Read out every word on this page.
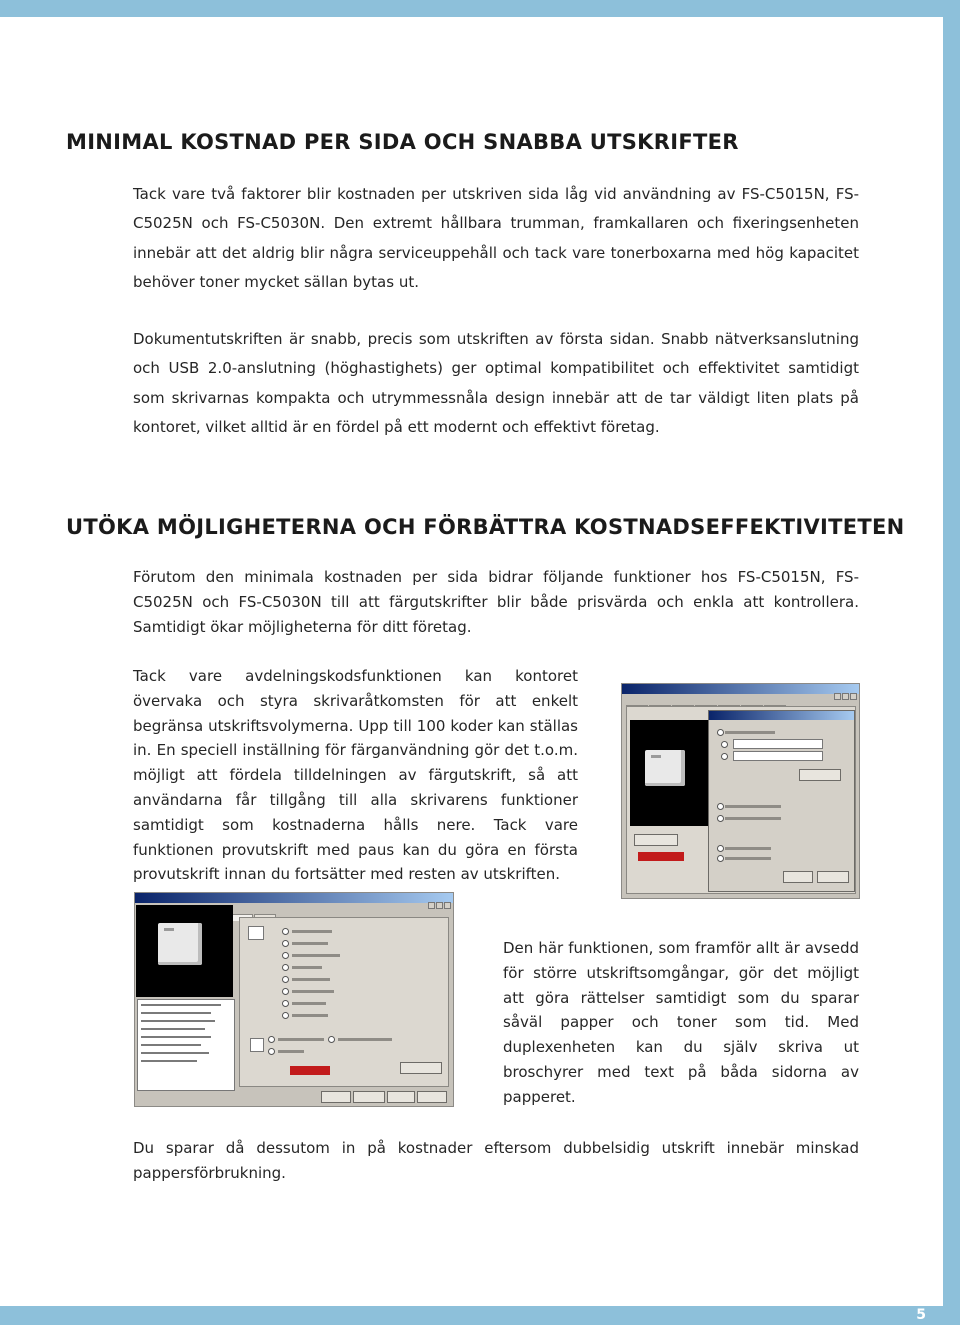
5
MINIMAL KOSTNAD PER SIDA OCH SNABBA UTSKRIFTER

Tack vare två faktorer blir kostnaden per utskriven sida låg vid användning av FS-C5015N, FS-C5025N och FS-C5030N. Den extremt hållbara trumman, framkallaren och fixeringsenheten innebär att det aldrig blir några serviceuppehåll och tack vare tonerboxarna med hög kapacitet behöver toner mycket sällan bytas ut.

Dokumentutskriften är snabb, precis som utskriften av första sidan. Snabb nätverksanslutning och USB 2.0-anslutning (höghastighets) ger optimal kompatibilitet och effektivitet samtidigt som skrivarnas kompakta och utrymmessnåla design innebär att de tar väldigt liten plats på kontoret, vilket alltid är en fördel på ett modernt och effektivt företag.

UTÖKA MÖJLIGHETERNA OCH FÖRBÄTTRA KOSTNADSEFFEKTIVITETEN

Förutom den minimala kostnaden per sida bidrar följande funktioner hos FS-C5015N, FS-C5025N och FS-C5030N till att färgutskrifter blir både prisvärda och enkla att kontrollera. Samtidigt ökar möjligheterna för ditt företag.

Tack vare avdelningskodsfunktionen kan kontoret övervaka och styra skrivaråtkomsten för att enkelt begränsa utskriftsvolymerna. Upp till 100 koder kan ställas in. En speciell inställning för färganvändning gör det t.o.m. möjligt att fördela tilldelningen av färgutskrift, så att användarna får tillgång till alla skrivarens funktioner samtidigt som kostnaderna hålls nere. Tack vare funktionen provutskrift med paus kan du göra en första provutskrift innan du fortsätter med resten av utskriften.

Den här funktionen, som framför allt är avsedd för större utskriftsomgångar, gör det möjligt att göra rättelser samtidigt som du sparar såväl papper och toner som tid. Med duplexenheten kan du själv skriva ut broschyrer med text på båda sidorna av papperet.

Du sparar då dessutom in på kostnader eftersom dubbelsidig utskrift innebär minskad pappersförbrukning.
